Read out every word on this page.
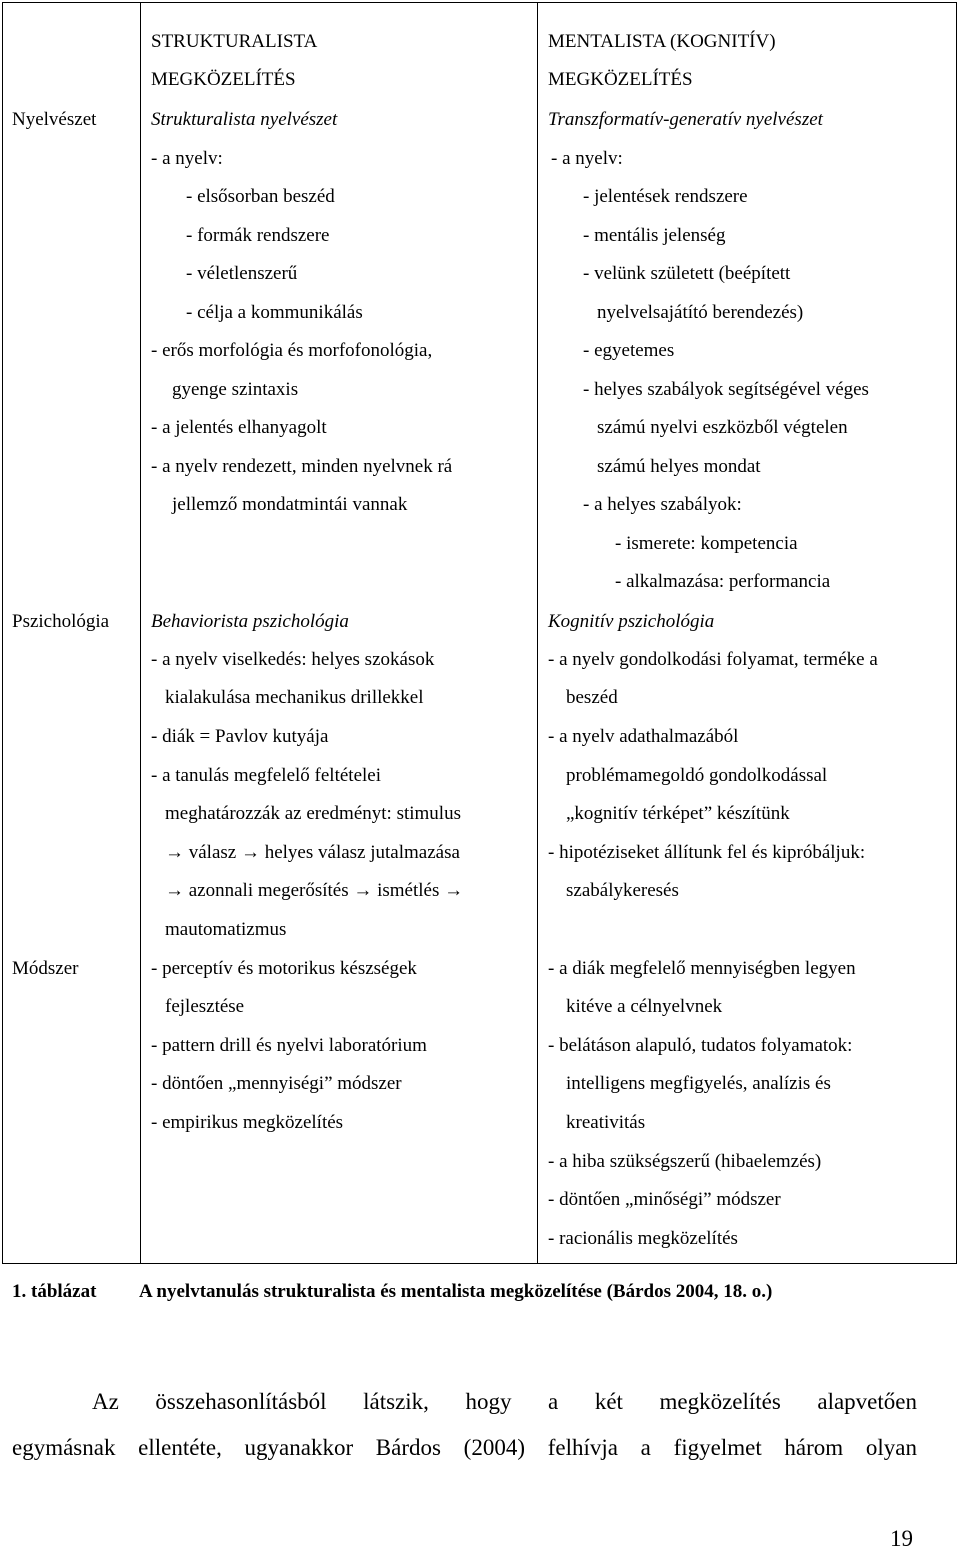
STRUKTURALISTA
MEGKÖZELÍTÉS
MENTALISTA (KOGNITÍV)
MEGKÖZELÍTÉS
Nyelvészet	Strukturalista nyelvészet
- a nyelv:
- elsősorban beszéd
- formák rendszere
- véletlenszerű
- célja a kommunikálás
- erős morfológia és morfofonológia,
gyenge szintaxis
- a jelentés elhanyagolt
- a nyelv rendezett, minden nyelvnek rá
jellemző mondatmintái vannak
Transzformatív-generatív nyelvészet
- a nyelv:
- jelentések rendszere
- mentális jelenség
- velünk született (beépített
nyelvelsajátító berendezés)
- egyetemes
- helyes szabályok segítségével véges
számú nyelvi eszközből végtelen
számú helyes mondat
- a helyes szabályok:
- ismerete: kompetencia
- alkalmazása: performancia
Pszichológia Behaviorista pszichológia
- a nyelv viselkedés: helyes szokások
kialakulása mechanikus drillekkel
- diák = Pavlov kutyája
- a tanulás megfelelő feltételei
meghatározzák az eredményt: stimulus
→ válasz → helyes válasz jutalmazása
→ azonnali megerősítés → ismétlés →
mautomatizmus
Kognitív pszichológia
- a nyelv gondolkodási folyamat, terméke a
beszéd
- a nyelv adathalmazából
problémamegoldó gondolkodással
„kognitív térképet” készítünk
- hipotéziseket állítunk fel és kipróbáljuk:
szabálykeresés
Módszer	- perceptív és motorikus készségek
fejlesztése
- pattern drill és nyelvi laboratórium
- döntően „mennyiségi” módszer
- empirikus megközelítés
- a diák megfelelő mennyiségben legyen
kitéve a célnyelvnek
- belátáson alapuló, tudatos folyamatok:
intelligens megfigyelés, analízis és
kreativitás
- a hiba szükségszerű (hibaelemzés)
- döntően „minőségi” módszer
- racionális megközelítés
1. táblázat A nyelvtanulás strukturalista és mentalista megközelítése (Bárdos 2004, 18. o.)
Az összehasonlításból látszik, hogy a két megközelítés alapvetően
egymásnak ellentéte, ugyanakkor Bárdos (2004) felhívja a figyelmet három olyan
19
